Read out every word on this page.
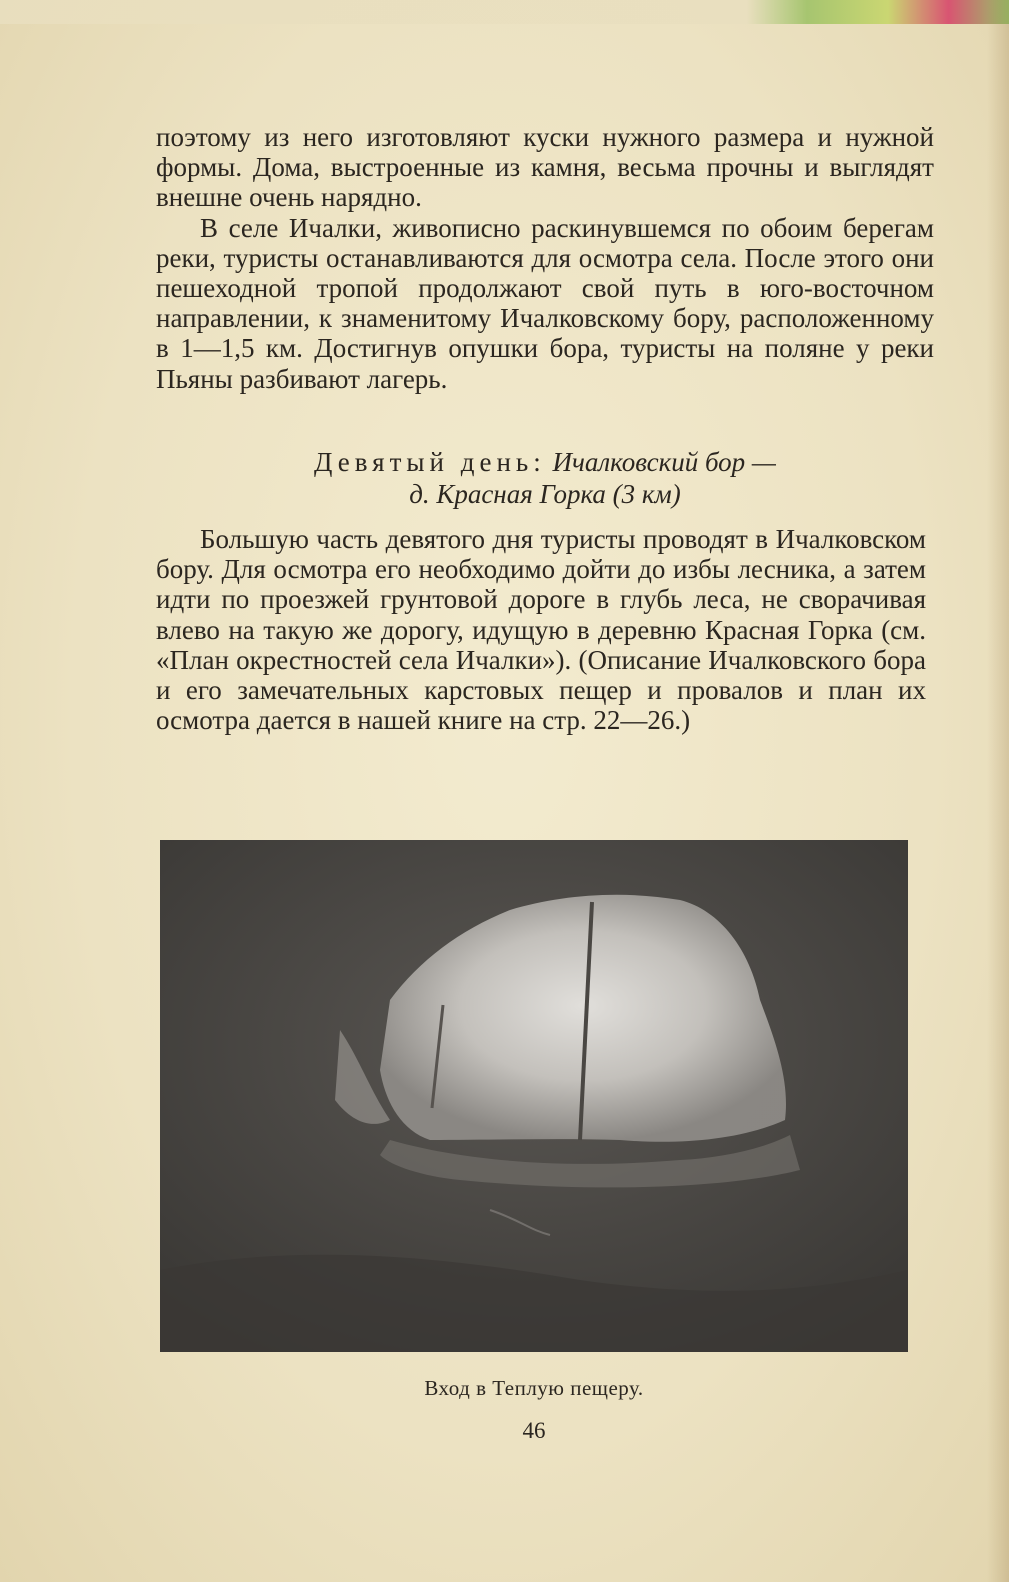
поэтому из него изготовляют куски нужного размера и нужной формы. Дома, выстроенные из камня, весьма прочны и выглядят внешне очень нарядно.

В селе Ичалки, живописно раскинувшемся по обоим берегам реки, туристы останавливаются для осмотра села. После этого они пешеходной тропой продолжают свой путь в юго-восточном направлении, к знаменитому Ичалковскому бору, расположенному в 1—1,5 км. Достигнув опушки бора, туристы на поляне у реки Пьяны разбивают лагерь.

Девятый день: Ичалковский бор —
д. Красная Горка (3 км)

Большую часть девятого дня туристы проводят в Ичалковском бору. Для осмотра его необходимо дойти до избы лесника, а затем идти по проезжей грунтовой дороге в глубь леса, не сворачивая влево на такую же дорогу, идущую в деревню Красная Горка (см. «План окрестностей села Ичалки»). (Описание Ичалковского бора и его замечательных карстовых пещер и провалов и план их осмотра дается в нашей книге на стр. 22—26.)

Вход в Теплую пещеру.
46
